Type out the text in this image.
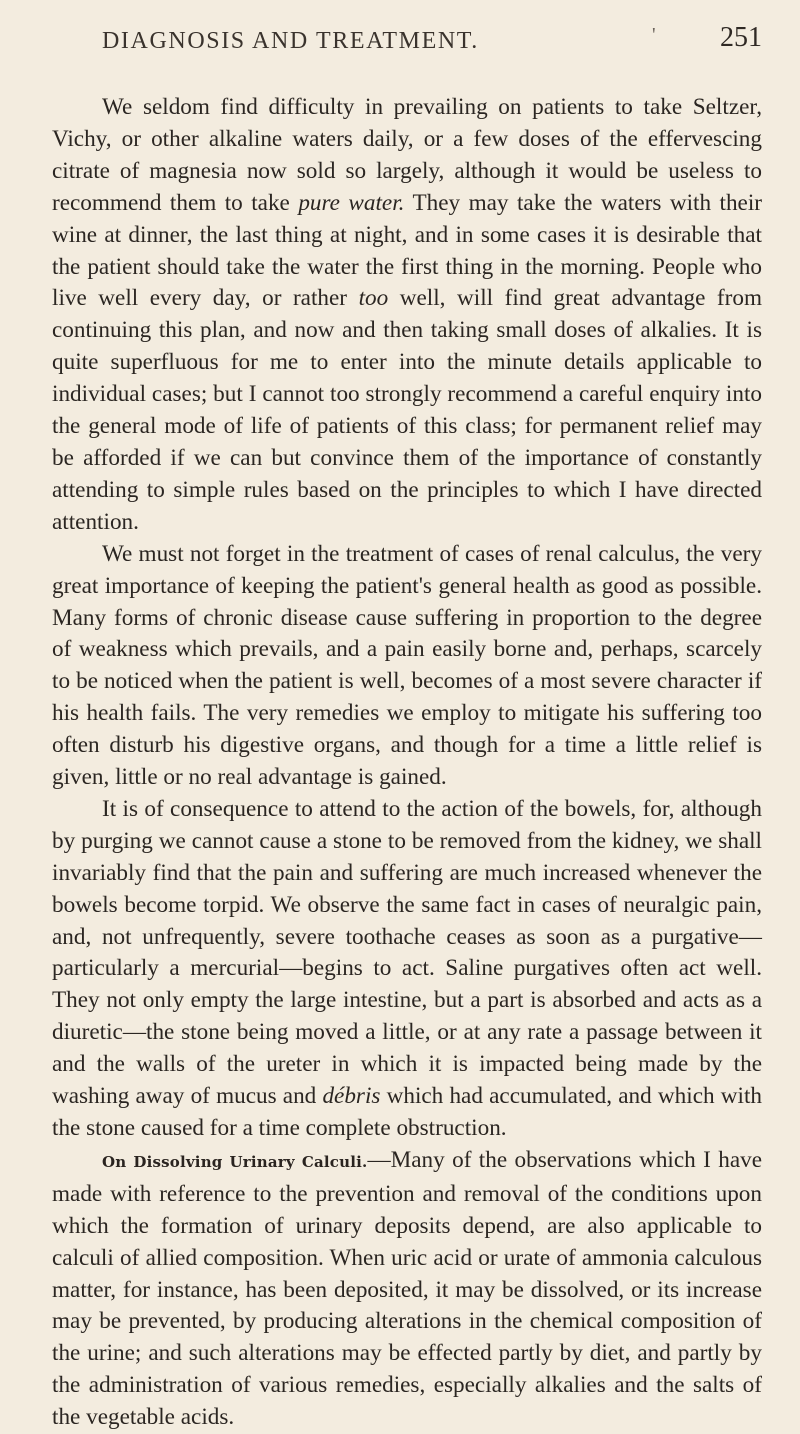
DIAGNOSIS AND TREATMENT.	' 251

We seldom find difficulty in prevailing on patients to take Seltzer, Vichy, or other alkaline waters daily, or a few doses of the effervescing citrate of magnesia now sold so largely, although it would be useless to recommend them to take pure water. They may take the waters with their wine at dinner, the last thing at night, and in some cases it is desirable that the patient should take the water the first thing in the morning. People who live well every day, or rather too well, will find great advantage from continuing this plan, and now and then taking small doses of alkalies. It is quite superfluous for me to enter into the minute details applicable to individual cases; but I cannot too strongly recommend a careful enquiry into the general mode of life of patients of this class; for permanent relief may be afforded if we can but convince them of the importance of constantly attending to simple rules based on the principles to which I have directed attention.

We must not forget in the treatment of cases of renal calculus, the very great importance of keeping the patient's general health as good as possible. Many forms of chronic disease cause suffering in proportion to the degree of weakness which prevails, and a pain easily borne and, perhaps, scarcely to be noticed when the patient is well, becomes of a most severe character if his health fails. The very remedies we employ to mitigate his suffering too often disturb his digestive organs, and though for a time a little relief is given, little or no real advantage is gained.

It is of consequence to attend to the action of the bowels, for, although by purging we cannot cause a stone to be removed from the kidney, we shall invariably find that the pain and suffering are much increased whenever the bowels become torpid. We observe the same fact in cases of neuralgic pain, and, not unfrequently, severe toothache ceases as soon as a purgative—particularly a mercurial—begins to act. Saline purgatives often act well. They not only empty the large intestine, but a part is absorbed and acts as a diuretic—the stone being moved a little, or at any rate a passage between it and the walls of the ureter in which it is impacted being made by the washing away of mucus and débris which had accumulated, and which with the stone caused for a time complete obstruction.

On Dissolving Urinary Calculi.—Many of the observations which I have made with reference to the prevention and removal of the conditions upon which the formation of urinary deposits depend, are also applicable to calculi of allied composition. When uric acid or urate of ammonia calculous matter, for instance, has been deposited, it may be dissolved, or its increase may be prevented, by producing alterations in the chemical composition of the urine; and such alterations may be effected partly by diet, and partly by the administration of various remedies, especially alkalies and the salts of the vegetable acids.
